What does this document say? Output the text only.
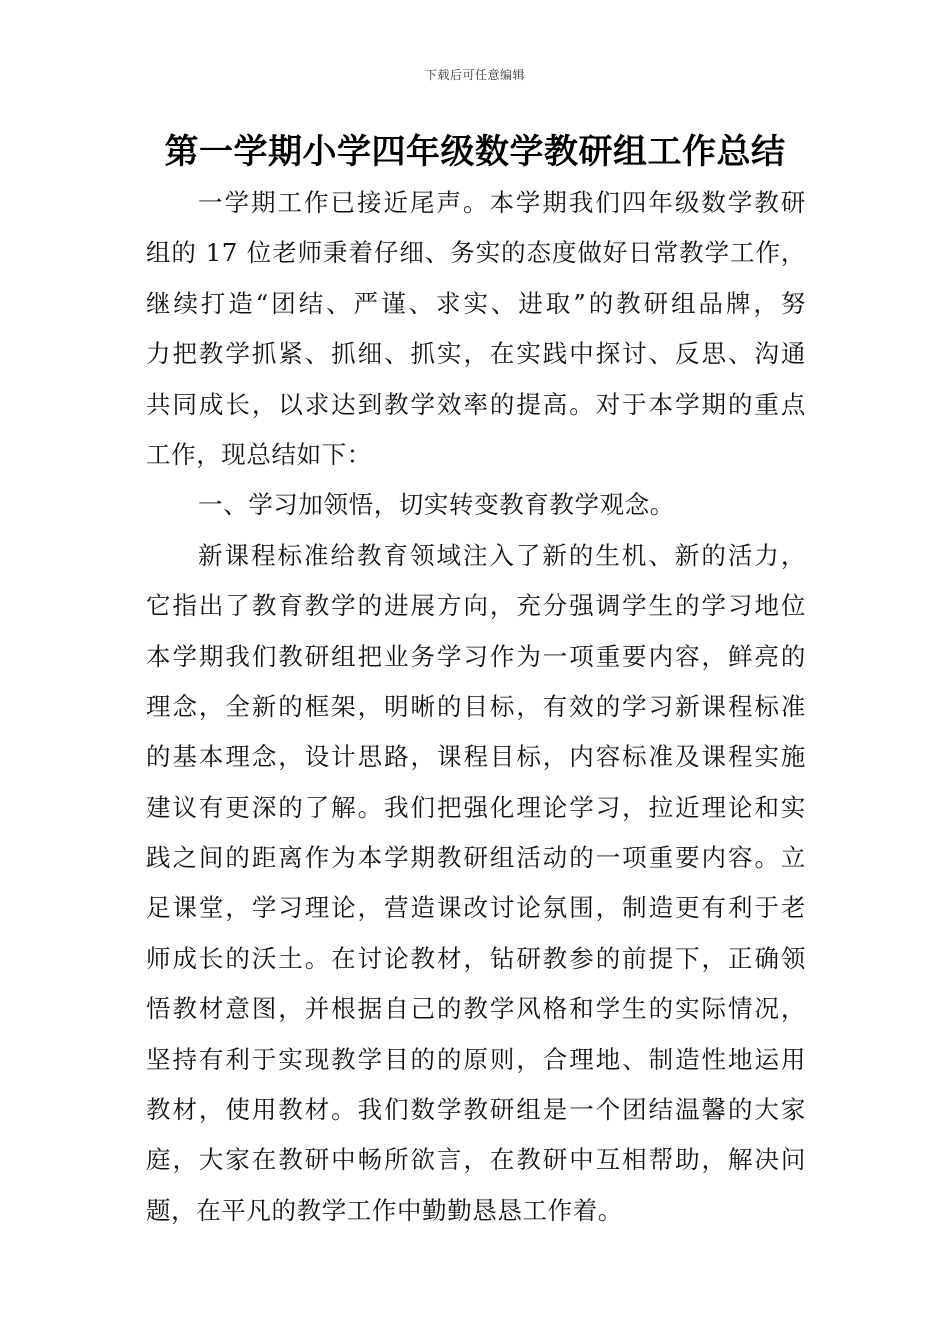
下载后可任意编辑
第一学期小学四年级数学教研组工作总结
一学期工作已接近尾声。本学期我们四年级数学教研
组的 17 位老师秉着仔细、务实的态度做好日常教学工作，
继续打造“团结、严谨、求实、进取”的教研组品牌，努
力把教学抓紧、抓细、抓实，在实践中探讨、反思、沟通
共同成长，以求达到教学效率的提高。对于本学期的重点
工作，现总结如下：
一、学习加领悟，切实转变教育教学观念。
新课程标准给教育领域注入了新的生机、新的活力，
它指出了教育教学的进展方向，充分强调学生的学习地位
本学期我们教研组把业务学习作为一项重要内容，鲜亮的
理念，全新的框架，明晰的目标，有效的学习新课程标准
的基本理念，设计思路，课程目标，内容标准及课程实施
建议有更深的了解。我们把强化理论学习，拉近理论和实
践之间的距离作为本学期教研组活动的一项重要内容。立
足课堂，学习理论，营造课改讨论氛围，制造更有利于老
师成长的沃土。在讨论教材，钻研教参的前提下，正确领
悟教材意图，并根据自己的教学风格和学生的实际情况，
坚持有利于实现教学目的的原则，合理地、制造性地运用
教材，使用教材。我们数学教研组是一个团结温馨的大家
庭，大家在教研中畅所欲言，在教研中互相帮助，解决问
题，在平凡的教学工作中勤勤恳恳工作着。
